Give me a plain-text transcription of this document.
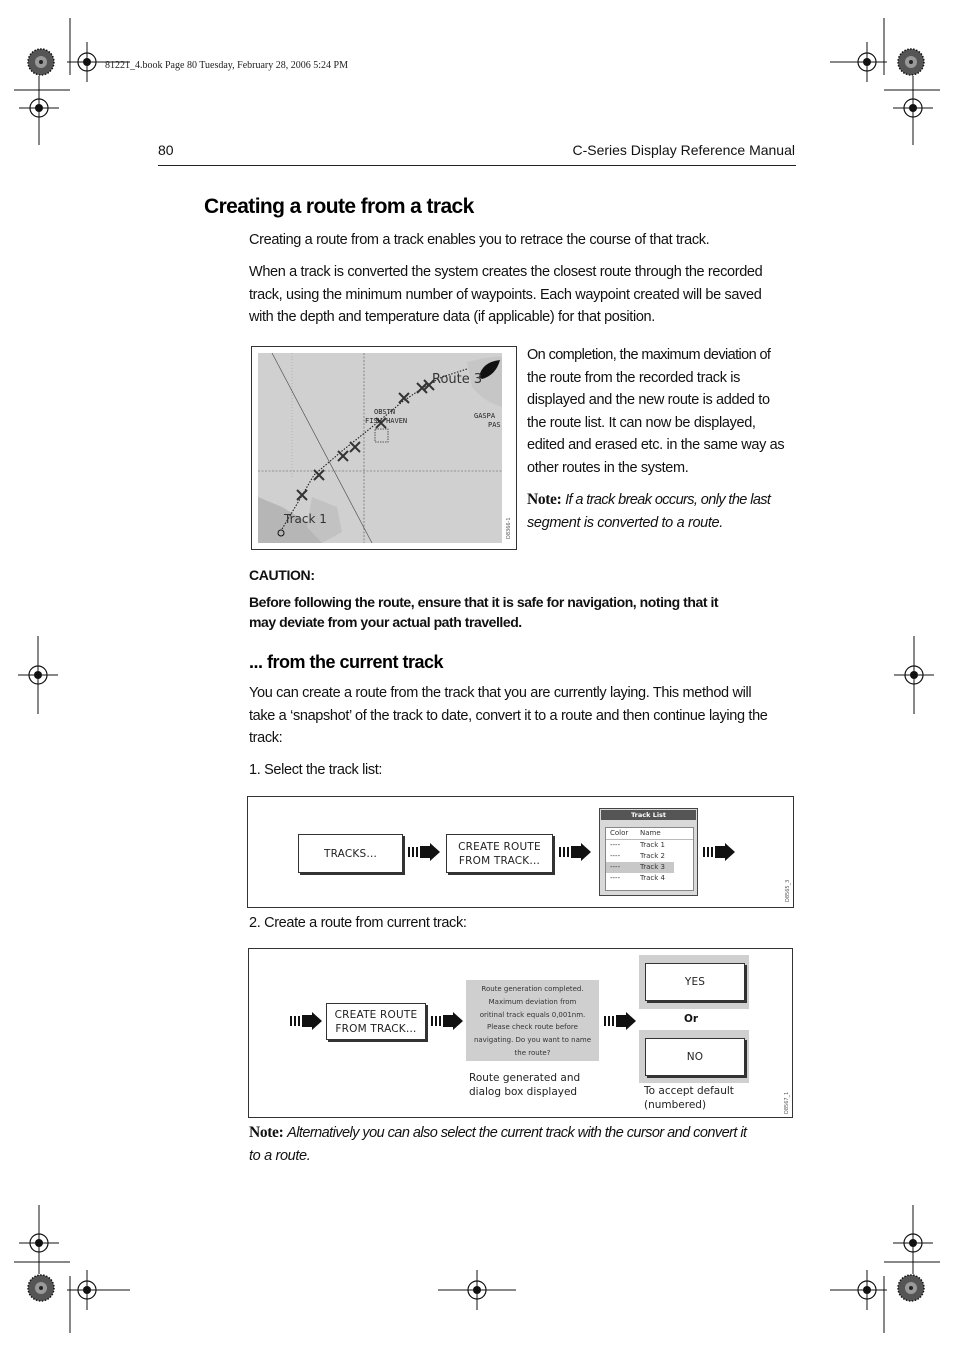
81221_4.book Page 80 Tuesday, February 28, 2006 5:24 PM
80	C-Series Display Reference Manual
Creating a route from a track
Creating a route from a track enables you to retrace the course of that track.
When a track is converted the system creates the closest route through the recorded
track, using the minimum number of waypoints. Each waypoint created will be saved
with the depth and temperature data (if applicable) for that position.
Route 3
Track 1
OBSTN
FISH HAVEN
GASPA
PAS
D8366-1
On completion, the maximum deviation of
the route from the recorded track is
displayed and the new route is added to
the route list. It can now be displayed,
edited and erased etc. in the same way as
other routes in the system.
Note: If a track break occurs, only the last
segment is converted to a route.
CAUTION:
Before following the route, ensure that it is safe for navigation, noting that it
may deviate from your actual path travelled.
... from the current track
You can create a route from the track that you are currently laying. This method will
take a ‘snapshot’ of the track to date, convert it to a route and then continue laying the
track:
1. Select the track list:
TRACKS…
CREATE ROUTE
FROM TRACK…
Track List
Color	Name
----	Track 1
----	Track 2
----	Track 3
----	Track 4
D8565_3
2. Create a route from current track:
CREATE ROUTE
FROM TRACK…
Route generation completed.
Maximum deviation from
oritinal track equals 0,001nm.
Please check route before
navigating. Do you want to name
the route?
Route generated and
dialog box displayed
YES
Or
NO
To accept default
(numbered)	D8567_1
Note: Alternatively you can also select the current track with the cursor and convert it
to a route.
